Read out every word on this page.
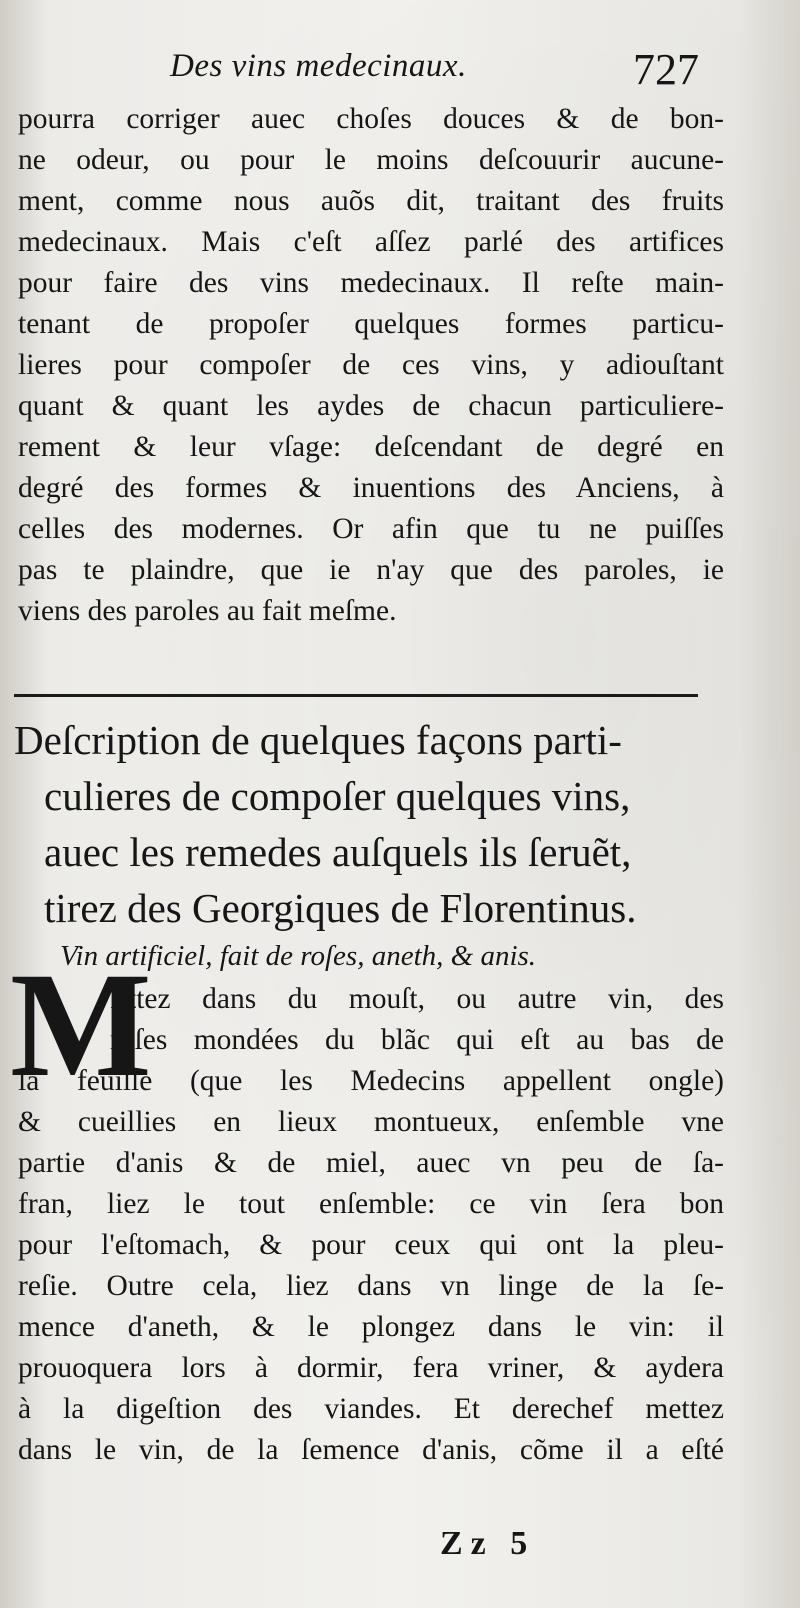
Des vins medecinaux.	727
pourra corriger auec choſes douces & de bon-
ne odeur, ou pour le moins deſcouurir aucune-
ment, comme nous auõs dit, traitant des fruits
medecinaux. Mais c'eſt aſſez parlé des artifices
pour faire des vins medecinaux. Il reſte main-
tenant de propoſer quelques formes particu-
lieres pour compoſer de ces vins, y adiouſtant
quant & quant les aydes de chacun particuliere-
rement & leur vſage: deſcendant de degré en
degré des formes & inuentions des Anciens, à
celles des modernes. Or afin que tu ne puiſſes
pas te plaindre, que ie n'ay que des paroles, ie
viens des paroles au fait meſme.
Deſcription de quelques façons parti-
culieres de compoſer quelques vins,
auec les remedes auſquels ils ſeruẽt,
tirez des Georgiques de Florentinus.
Vin artificiel, fait de roſes, aneth, & anis.
M
Ettez dans du mouſt, ou autre vin, des
roſes mondées du blãc qui eſt au bas de
la feuille (que les Medecins appellent ongle)
& cueillies en lieux montueux, enſemble vne
partie d'anis & de miel, auec vn peu de ſa-
fran, liez le tout enſemble: ce vin ſera bon
pour l'eſtomach, & pour ceux qui ont la pleu-
reſie. Outre cela, liez dans vn linge de la ſe-
mence d'aneth, & le plongez dans le vin: il
prouoquera lors à dormir, fera vriner, & aydera
à la digeſtion des viandes. Et derechef mettez
dans le vin, de la ſemence d'anis, cõme il a eſté
Zz 5
